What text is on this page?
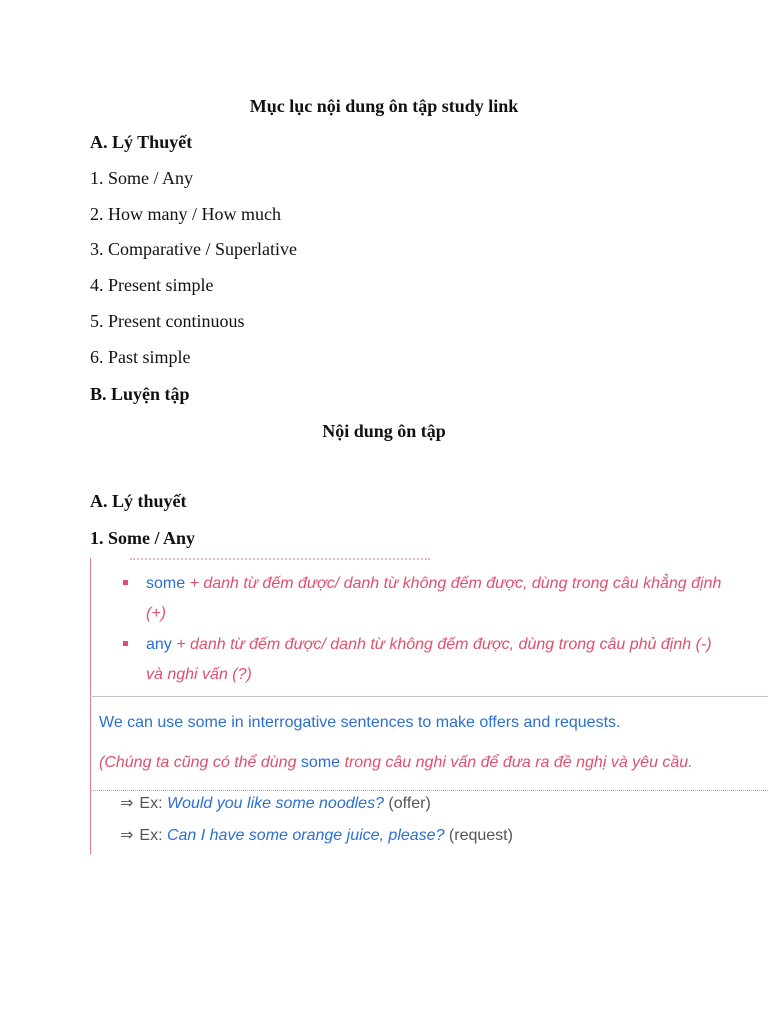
Mục lục nội dung ôn tập study link
A. Lý Thuyết
1. Some / Any
2. How many / How much
3. Comparative / Superlative
4. Present simple
5. Present continuous
6. Past simple
B. Luyện tập
Nội dung ôn tập
A. Lý thuyết
1. Some / Any
some + danh từ đếm được/ danh từ không đếm được, dùng trong câu khẳng định
(+)
any + danh từ đếm được/ danh từ không đếm được, dùng trong câu phủ định (-)
và nghi vấn (?)
We can use some in interrogative sentences to make offers and requests.
(Chúng ta cũng có thể dùng some trong câu nghi vấn để đưa ra đề nghị và yêu cầu.
⇒ Ex: Would you like some noodles? (offer)
⇒ Ex: Can I have some orange juice, please? (request)
